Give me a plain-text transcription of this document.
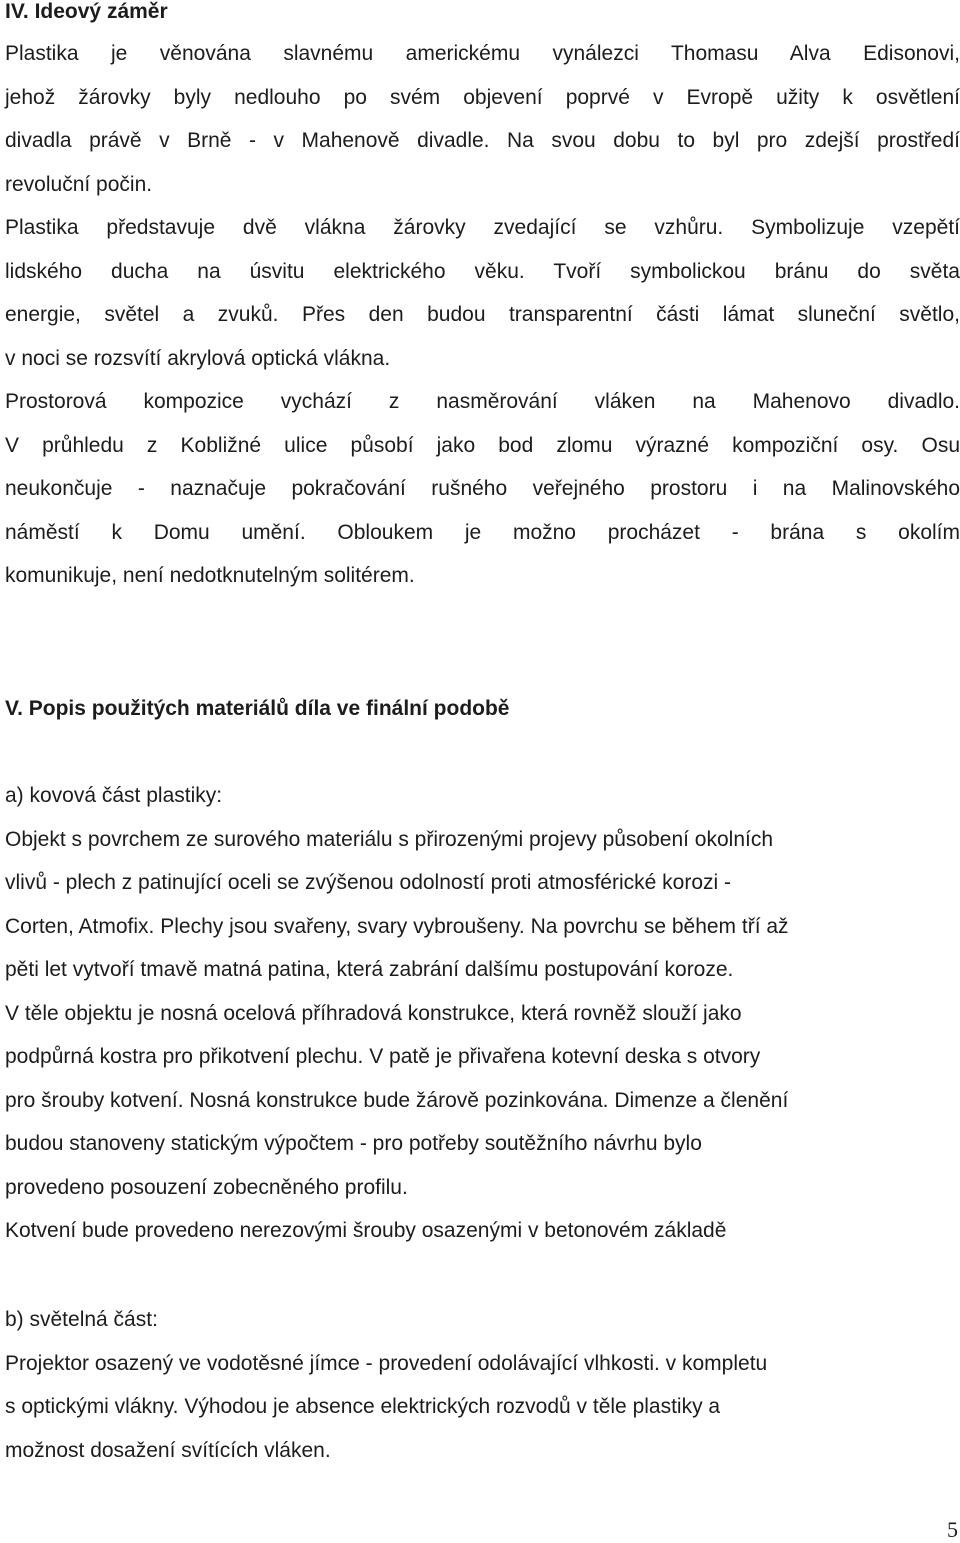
IV. Ideový záměr
Plastika je věnována slavnému americkému vynálezci Thomasu Alva Edisonovi,
jehož žárovky byly nedlouho po svém objevení poprvé v Evropě užity k osvětlení
divadla právě v Brně - v Mahenově divadle. Na svou dobu to byl pro zdejší prostředí
revoluční počin.
Plastika představuje dvě vlákna žárovky zvedající se vzhůru. Symbolizuje vzepětí
lidského ducha na úsvitu elektrického věku. Tvoří symbolickou bránu do světa
energie, světel a zvuků. Přes den budou transparentní části lámat sluneční světlo,
v noci se rozsvítí akrylová optická vlákna.
Prostorová kompozice vychází z nasměrování vláken na Mahenovo divadlo.
V průhledu z Kobližné ulice působí jako bod zlomu výrazné kompoziční osy. Osu
neukončuje - naznačuje pokračování rušného veřejného prostoru i na Malinovského
náměstí k Domu umění. Obloukem je možno procházet - brána s okolím
komunikuje, není nedotknutelným solitérem.
V. Popis použitých materiálů díla ve finální podobě
a) kovová část plastiky:
Objekt s povrchem ze surového materiálu s přirozenými projevy působení okolních
vlivů - plech z patinující oceli se zvýšenou odolností proti atmosférické korozi -
Corten, Atmofix. Plechy jsou svařeny, svary vybroušeny. Na povrchu se během tří až
pěti let vytvoří tmavě matná patina, která zabrání dalšímu postupování koroze.
V těle objektu je nosná ocelová příhradová konstrukce, která rovněž slouží jako
podpůrná kostra pro přikotvení plechu. V patě je přivařena kotevní deska s otvory
pro šrouby kotvení. Nosná konstrukce bude žárově pozinkována. Dimenze a členění
budou stanoveny statickým výpočtem - pro potřeby soutěžního návrhu bylo
provedeno posouzení zobecněného profilu.
Kotvení bude provedeno nerezovými šrouby osazenými v betonovém základě
b) světelná část:
Projektor osazený ve vodotěsné jímce - provedení odolávající vlhkosti. v kompletu
s optickými vlákny. Výhodou je absence elektrických rozvodů v těle plastiky a
možnost dosažení svítících vláken.
5
